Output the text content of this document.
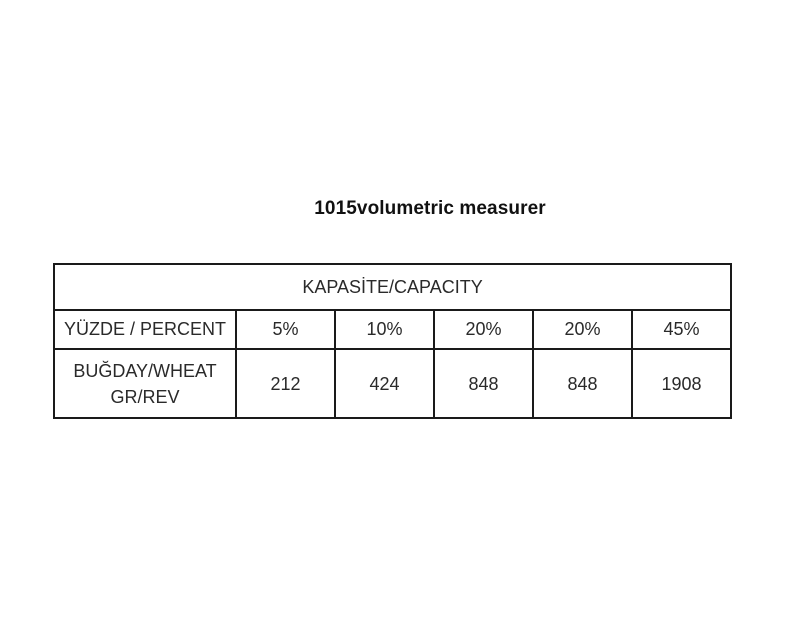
1015volumetric measurer
KAPASİTE/CAPACITY					
YÜZDE / PERCENT	5%	10%	20%	20%	45%

BUĞDAY/WHEAT
GR/REV	212	424	848	848	1908
